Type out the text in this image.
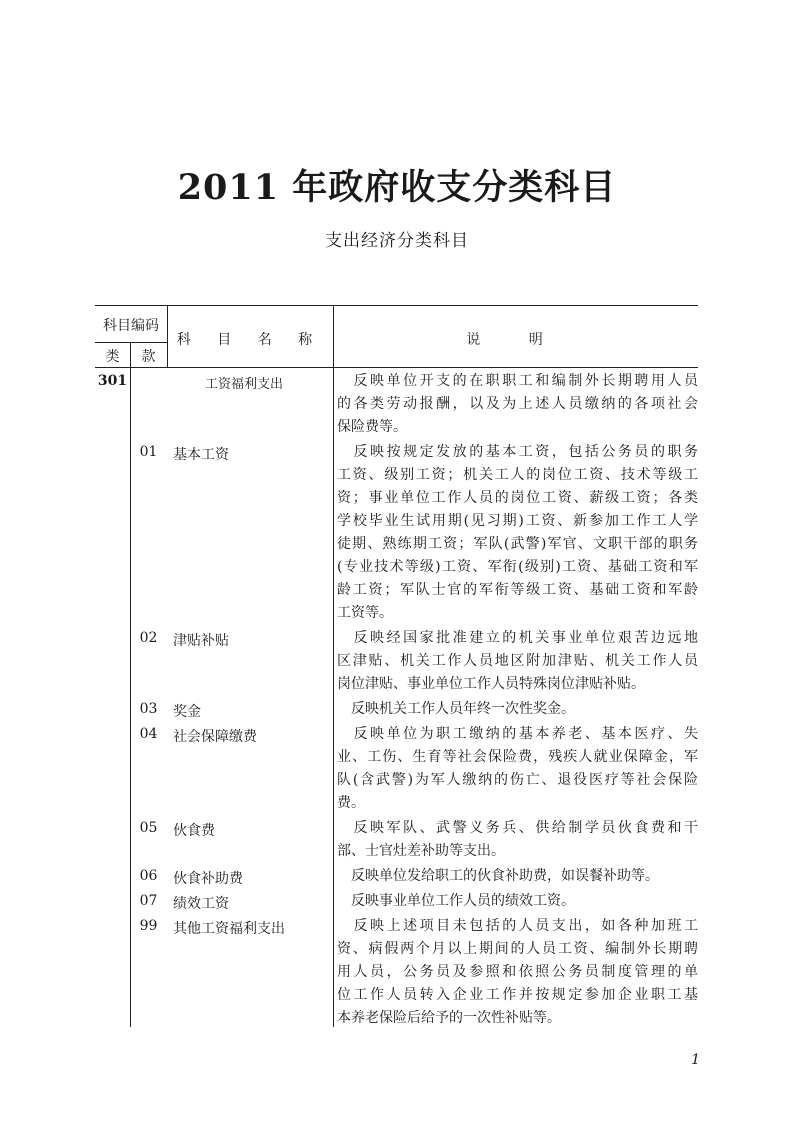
2011 年政府收支分类科目
支出经济分类科目
科目编码
类	款
科 目 名 称	说 明
301	工资福利支出	　反映单位开支的在职职工和编制外长期聘用人员
的各类劳动报酬，以及为上述人员缴纳的各项社会
保险费等。
01	基本工资	　反映按规定发放的基本工资，包括公务员的职务
工资、级别工资；机关工人的岗位工资、技术等级工
资；事业单位工作人员的岗位工资、薪级工资；各类
学校毕业生试用期(见习期)工资、新参加工作工人学
徒期、熟练期工资；军队(武警)军官、文职干部的职务
(专业技术等级)工资、军衔(级别)工资、基础工资和军
龄工资；军队士官的军衔等级工资、基础工资和军龄
工资等。
02	津贴补贴	　反映经国家批准建立的机关事业单位艰苦边远地
区津贴、机关工作人员地区附加津贴、机关工作人员
岗位津贴、事业单位工作人员特殊岗位津贴补贴。
03	奖金	　反映机关工作人员年终一次性奖金。
04	社会保障缴费	　反映单位为职工缴纳的基本养老、基本医疗、失
业、工伤、生育等社会保险费，残疾人就业保障金，军
队(含武警)为军人缴纳的伤亡、退役医疗等社会保险
费。
05	伙食费	　反映军队、武警义务兵、供给制学员伙食费和干
部、士官灶差补助等支出。
06	伙食补助费	　反映单位发给职工的伙食补助费，如误餐补助等。
07	绩效工资	　反映事业单位工作人员的绩效工资。
99	其他工资福利支出	　反映上述项目未包括的人员支出，如各种加班工
资、病假两个月以上期间的人员工资、编制外长期聘
用人员，公务员及参照和依照公务员制度管理的单
位工作人员转入企业工作并按规定参加企业职工基
本养老保险后给予的一次性补贴等。
1
